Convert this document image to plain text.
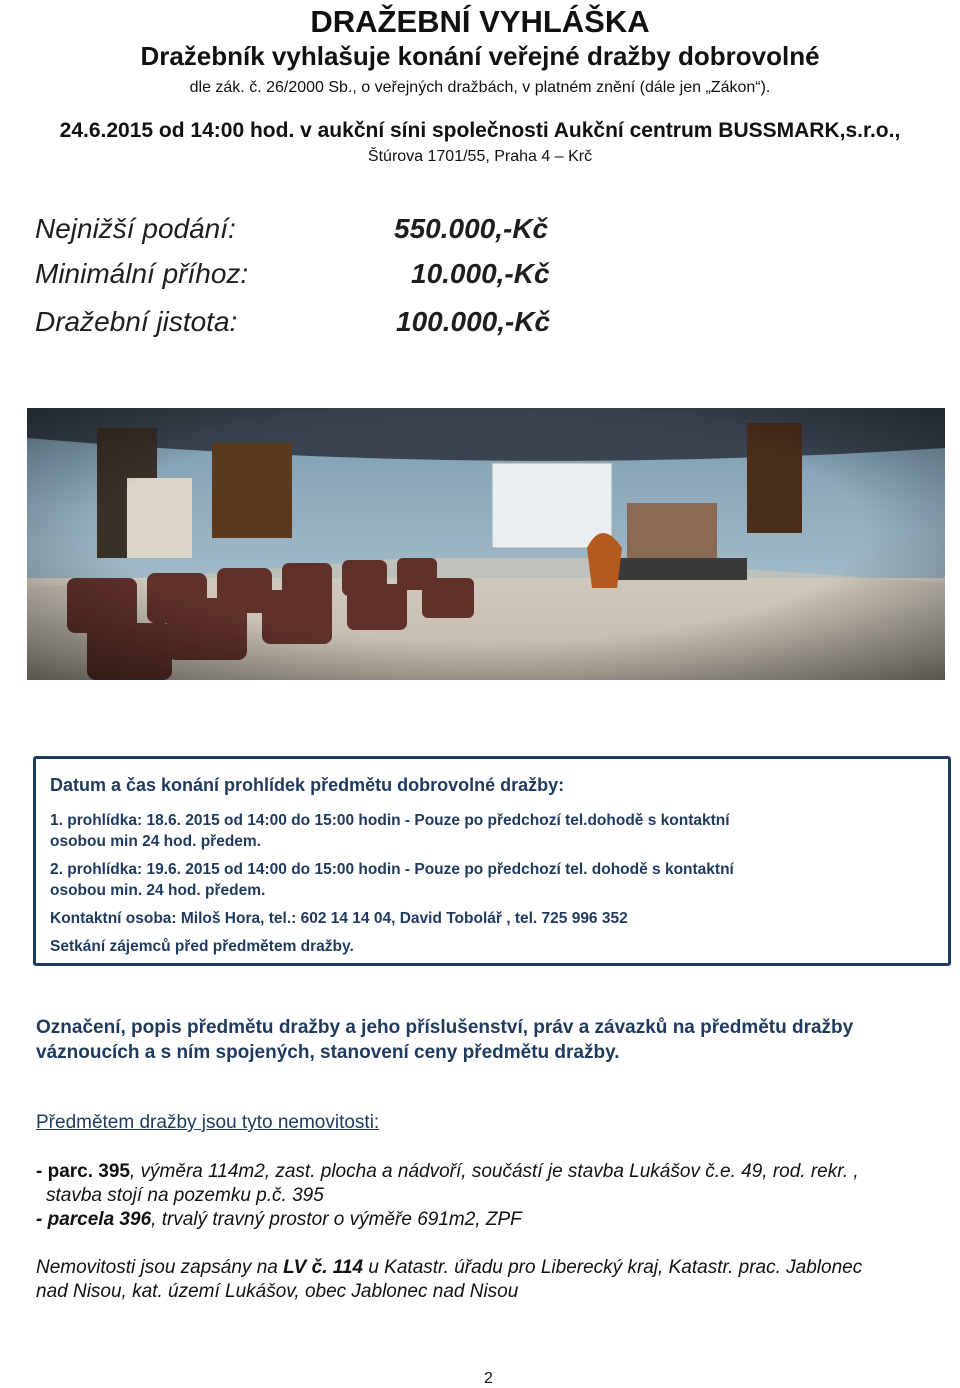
DRAŽEBNÍ VYHLÁŠKA
Dražebník vyhlašuje konání veřejné dražby dobrovolné
dle zák. č. 26/2000 Sb., o veřejných dražbách, v platném znění (dále jen „Zákon“).
24.6.2015 od 14:00 hod. v aukční síni společnosti Aukční centrum BUSSMARK,s.r.o.,
Štúrova 1701/55, Praha 4 – Krč
Nejnižší podání:	550.000,-Kč
Minimální příhoz:	10.000,-Kč
Dražební jistota:	100.000,-Kč
Datum a čas konání prohlídek předmětu dobrovolné dražby:
1. prohlídka: 18.6. 2015 od 14:00 do 15:00 hodin - Pouze po předchozí tel.dohodě s kontaktní
osobou min 24 hod. předem.
2. prohlídka: 19.6. 2015 od 14:00 do 15:00 hodin - Pouze po předchozí tel. dohodě s kontaktní
osobou min. 24 hod. předem.
Kontaktní osoba: Miloš Hora, tel.: 602 14 14 04, David Tobolář , tel. 725 996 352
Setkání zájemců před předmětem dražby.
Označení, popis předmětu dražby a jeho příslušenství, práv a závazků na předmětu dražby
váznoucích a s ním spojených, stanovení ceny předmětu dražby.
Předmětem dražby jsou tyto nemovitosti:
- parc. 395, výměra 114m2, zast. plocha a nádvoří, součástí je stavba Lukášov č.e. 49, rod. rekr. ,
stavba stojí na pozemku p.č. 395
- parcela 396, trvalý travný prostor o výměře 691m2, ZPF
Nemovitosti jsou zapsány na LV č. 114 u Katastr. úřadu pro Liberecký kraj, Katastr. prac. Jablonec
nad Nisou, kat. území Lukášov, obec Jablonec nad Nisou
2
